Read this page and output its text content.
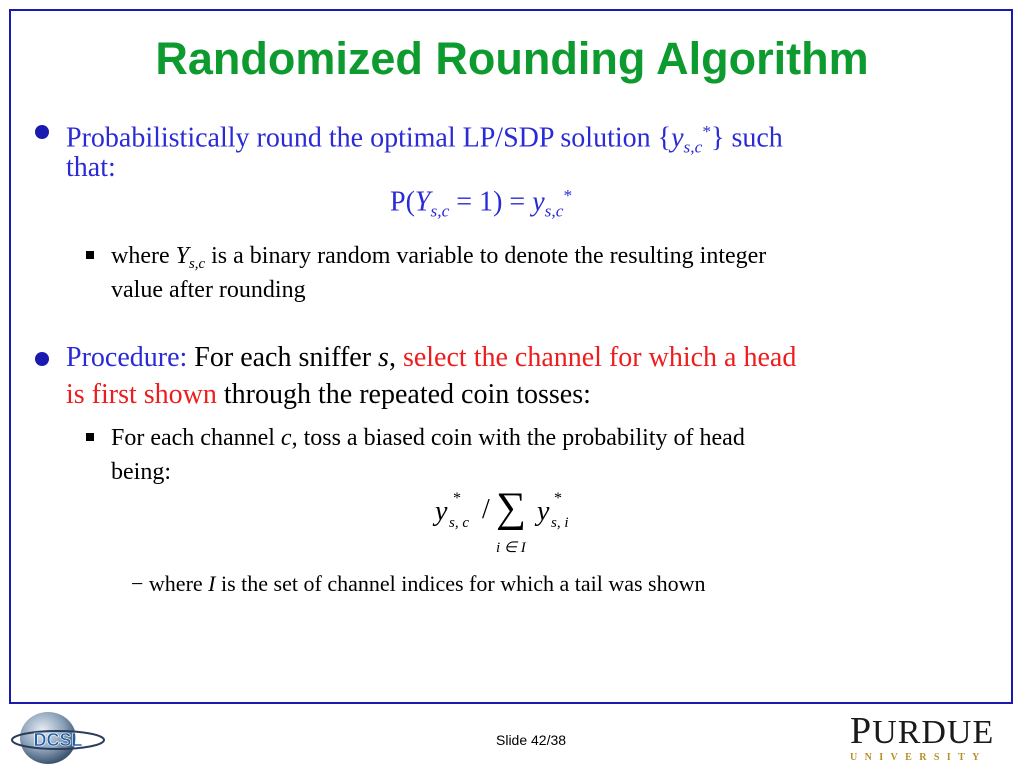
Randomized Rounding Algorithm
Probabilistically round the optimal LP/SDP solution $\{y_{s,c}^*\}$ such
that:
$P(Y_{s,c} = 1) = y_{s,c}^*$
where $Y_{s,c}$ is a binary random variable to denote the resulting integer
value after rounding
Procedure: For each sniffer s, select the channel for which a head
is first shown through the repeated coin tosses:
For each channel c, toss a biased coin with the probability of head
being:
y *
s, c / ∑ y *
s, i
i ∈ I
− where I is the set of channel indices for which a tail was shown
DCSL	Slide 42/38	PURDUE
UNIVERSITY
